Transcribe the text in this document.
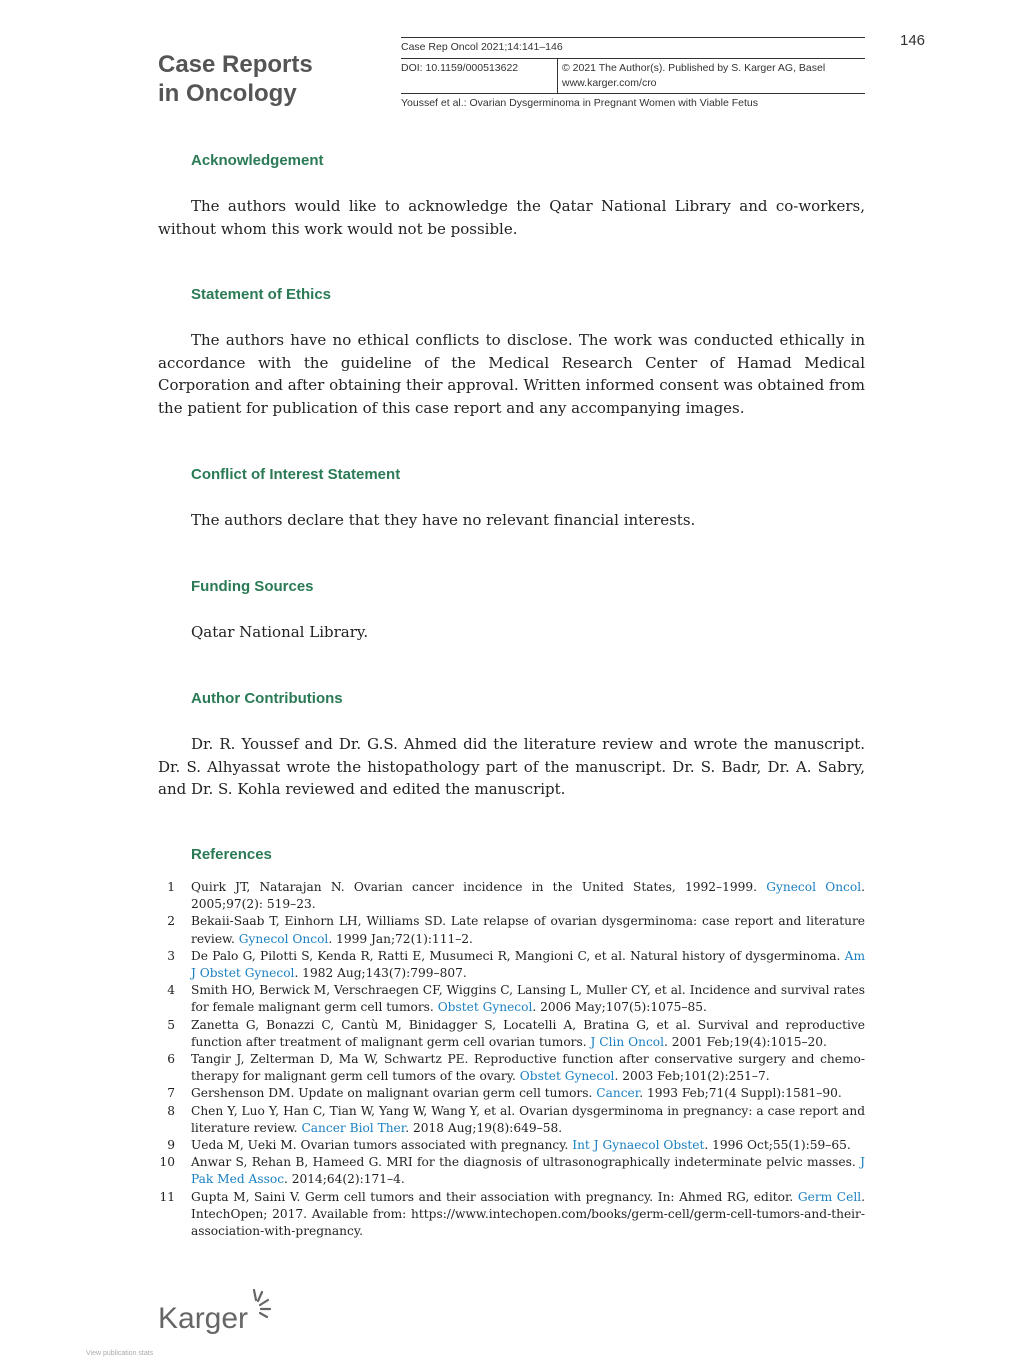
Case Reports
in Oncology
Case Rep Oncol 2021;14:141–146
DOI: 10.1159/000513622	© 2021 The Author(s). Published by S. Karger AG, Basel
www.karger.com/cro
Youssef et al.: Ovarian Dysgerminoma in Pregnant Women with Viable Fetus
146
Acknowledgement

The authors would like to acknowledge the Qatar National Library and co-workers, without whom this work would not be possible.

Statement of Ethics

The authors have no ethical conflicts to disclose. The work was conducted ethically in accordance with the guideline of the Medical Research Center of Hamad Medical Corporation and after obtaining their approval. Written informed consent was obtained from the patient for publication of this case report and any accompanying images.

Conflict of Interest Statement

The authors declare that they have no relevant financial interests.

Funding Sources

Qatar National Library.

Author Contributions

Dr. R. Youssef and Dr. G.S. Ahmed did the literature review and wrote the manuscript. Dr. S. Alhyassat wrote the histopathology part of the manuscript. Dr. S. Badr, Dr. A. Sabry, and Dr. S. Kohla reviewed and edited the manuscript.

References
1 Quirk JT, Natarajan N. Ovarian cancer incidence in the United States, 1992–1999. Gynecol Oncol. 2005;97(2): 519–23.
2 Bekaii-Saab T, Einhorn LH, Williams SD. Late relapse of ovarian dysgerminoma: case report and literature review. Gynecol Oncol. 1999 Jan;72(1):111–2.
3 De Palo G, Pilotti S, Kenda R, Ratti E, Musumeci R, Mangioni C, et al. Natural history of dysgerminoma. Am J Obstet Gynecol. 1982 Aug;143(7):799–807.
4 Smith HO, Berwick M, Verschraegen CF, Wiggins C, Lansing L, Muller CY, et al. Incidence and survival rates for female malignant germ cell tumors. Obstet Gynecol. 2006 May;107(5):1075–85.
5 Zanetta G, Bonazzi C, Cantù M, Binidagger S, Locatelli A, Bratina G, et al. Survival and reproductive function after treatment of malignant germ cell ovarian tumors. J Clin Oncol. 2001 Feb;19(4):1015–20.
6 Tangir J, Zelterman D, Ma W, Schwartz PE. Reproductive function after conservative surgery and chemo-therapy for malignant germ cell tumors of the ovary. Obstet Gynecol. 2003 Feb;101(2):251–7.
7 Gershenson DM. Update on malignant ovarian germ cell tumors. Cancer. 1993 Feb;71(4 Suppl):1581–90.
8 Chen Y, Luo Y, Han C, Tian W, Yang W, Wang Y, et al. Ovarian dysgerminoma in pregnancy: a case report and literature review. Cancer Biol Ther. 2018 Aug;19(8):649–58.
9 Ueda M, Ueki M. Ovarian tumors associated with pregnancy. Int J Gynaecol Obstet. 1996 Oct;55(1):59–65.
10 Anwar S, Rehan B, Hameed G. MRI for the diagnosis of ultrasonographically indeterminate pelvic masses. J Pak Med Assoc. 2014;64(2):171–4.
11 Gupta M, Saini V. Germ cell tumors and their association with pregnancy. In: Ahmed RG, editor. Germ Cell. IntechOpen; 2017. Available from: https://www.intechopen.com/books/germ-cell/germ-cell-tumors-and-their-association-with-pregnancy.
Karger
View publication stats
